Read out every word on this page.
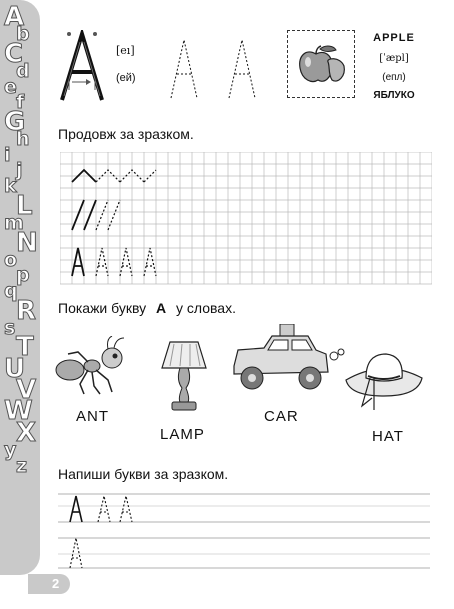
A
b
C
d
e
f
G
h
i
j
k
L
m
N
o
p
q
R
s
T
U
V
W
X
y
z
2
[eı]
(ей)
APPLE
[ˈæpl]
(епл)
ЯБЛУКО
Продовж за зразком.
Покажи букву А у словах.
ANT
LAMP
CAR
HAT
Напиши букви за зразком.
